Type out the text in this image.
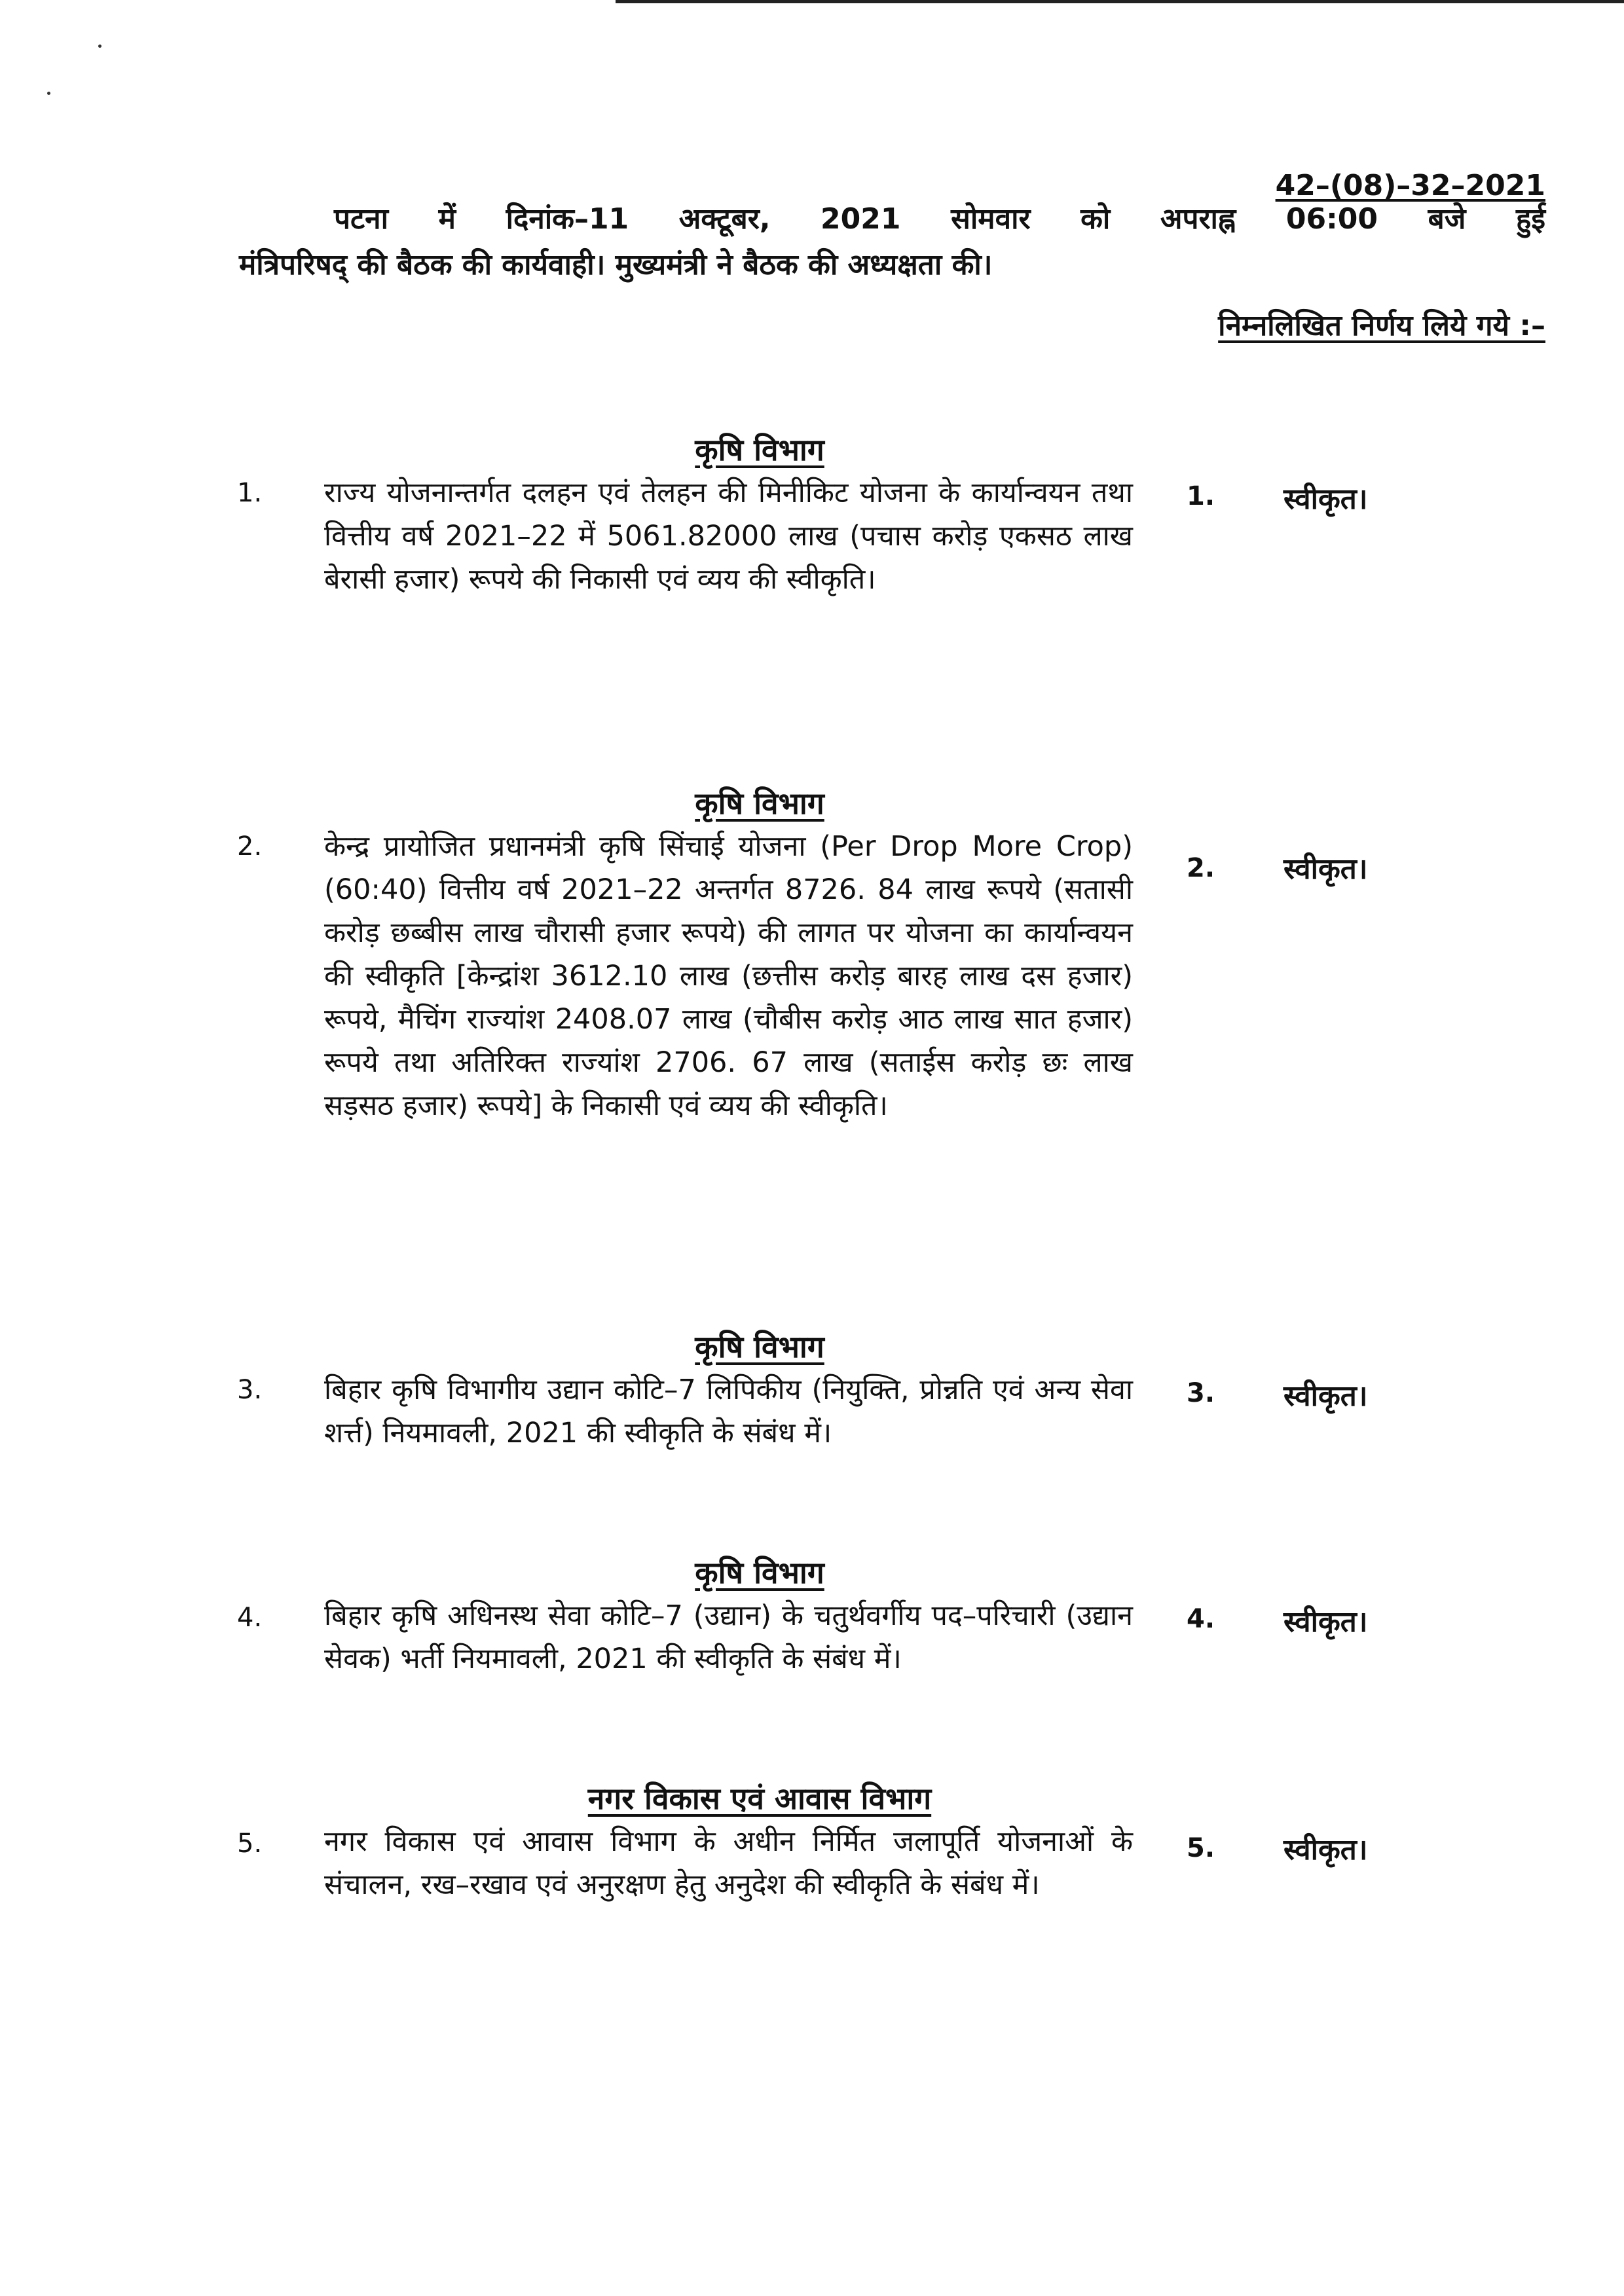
42–(08)–32–2021
पटना में दिनांक–11 अक्टूबर, 2021 सोमवार को अपराह्न 06:00 बजे हुई
मंत्रिपरिषद् की बैठक की कार्यवाही। मुख्यमंत्री ने बैठक की अध्यक्षता की।
निम्नलिखित निर्णय लिये गये :–
कृषि विभाग
1. राज्य योजनान्तर्गत दलहन एवं तेलहन की मिनीकिट योजना के कार्यान्वयन तथा वित्तीय वर्ष 2021–22 में 5061.82000 लाख (पचास करोड़ एकसठ लाख बेरासी हजार) रूपये की निकासी एवं व्यय की स्वीकृति।
1. स्वीकृत।
कृषि विभाग
2. केन्द्र प्रायोजित प्रधानमंत्री कृषि सिंचाई योजना (Per Drop More Crop) (60:40) वित्तीय वर्ष 2021–22 अन्तर्गत 8726. 84 लाख रूपये (सतासी करोड़ छब्बीस लाख चौरासी हजार रूपये) की लागत पर योजना का कार्यान्वयन की स्वीकृति [केन्द्रांश 3612.10 लाख (छत्तीस करोड़ बारह लाख दस हजार) रूपये, मैचिंग राज्यांश 2408.07 लाख (चौबीस करोड़ आठ लाख सात हजार) रूपये तथा अतिरिक्त राज्यांश 2706. 67 लाख (सताईस करोड़ छः लाख सड़सठ हजार) रूपये] के निकासी एवं व्यय की स्वीकृति।
2. स्वीकृत।
कृषि विभाग
3. बिहार कृषि विभागीय उद्यान कोटि–7 लिपिकीय (नियुक्ति, प्रोन्नति एवं अन्य सेवा शर्त्त) नियमावली, 2021 की स्वीकृति के संबंध में।
3. स्वीकृत।
कृषि विभाग
4. बिहार कृषि अधिनस्थ सेवा कोटि–7 (उद्यान) के चतुर्थवर्गीय पद–परिचारी (उद्यान सेवक) भर्ती नियमावली, 2021 की स्वीकृति के संबंध में।
4. स्वीकृत।
नगर विकास एवं आवास विभाग
5. नगर विकास एवं आवास विभाग के अधीन निर्मित जलापूर्ति योजनाओं के संचालन, रख–रखाव एवं अनुरक्षण हेतु अनुदेश की स्वीकृति के संबंध में।
5. स्वीकृत।
